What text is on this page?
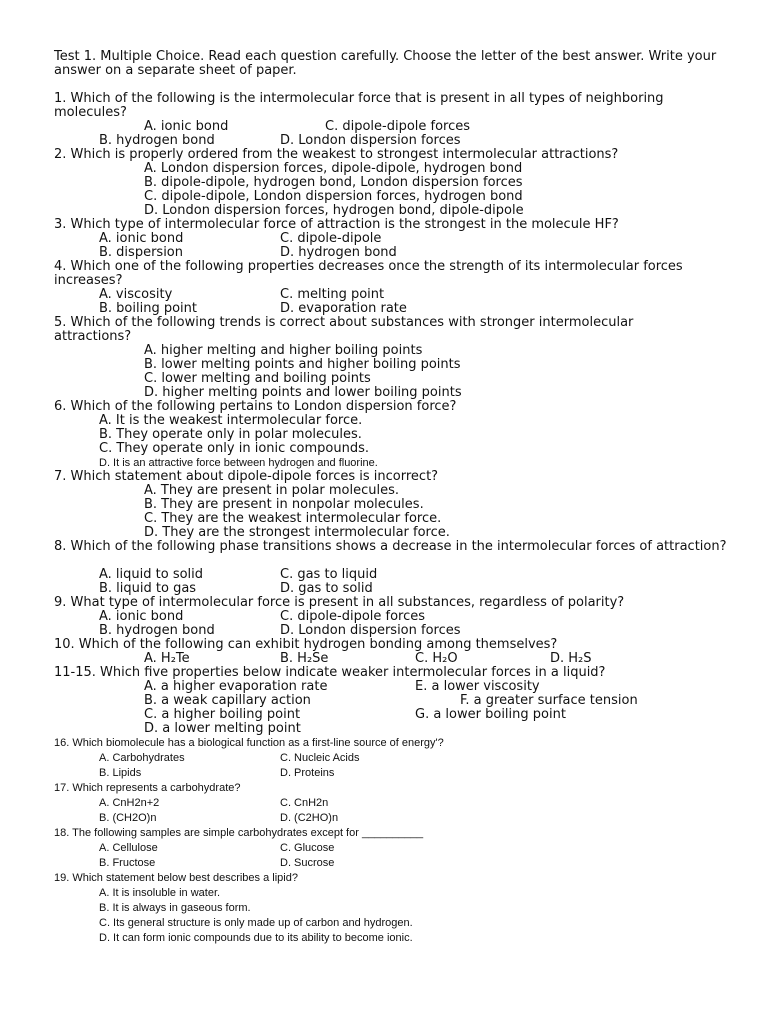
Test 1. Multiple Choice. Read each question carefully. Choose the letter of the best answer. Write your answer on a separate sheet of paper.
1. Which of the following is the intermolecular force that is present in all types of neighboring molecules?
A. ionic bond	C. dipole-dipole forces
B. hydrogen bond	D. London dispersion forces
2. Which is properly ordered from the weakest to strongest intermolecular attractions?
A. London dispersion forces, dipole-dipole, hydrogen bond
B. dipole-dipole, hydrogen bond, London dispersion forces
C. dipole-dipole, London dispersion forces, hydrogen bond
D. London dispersion forces, hydrogen bond, dipole-dipole
3. Which type of intermolecular force of attraction is the strongest in the molecule HF?
A. ionic bond	C. dipole-dipole
B. dispersion	D. hydrogen bond
4. Which one of the following properties decreases once the strength of its intermolecular forces increases?
A. viscosity	C. melting point
B. boiling point	D. evaporation rate
5. Which of the following trends is correct about substances with stronger intermolecular attractions?
A. higher melting and higher boiling points
B. lower melting points and higher boiling points
C. lower melting and boiling points
D. higher melting points and lower boiling points
6. Which of the following pertains to London dispersion force?
A. It is the weakest intermolecular force.
B. They operate only in polar molecules.
C. They operate only in ionic compounds.
D. It is an attractive force between hydrogen and fluorine.
7. Which statement about dipole-dipole forces is incorrect?
A. They are present in polar molecules.
B. They are present in nonpolar molecules.
C. They are the weakest intermolecular force.
D. They are the strongest intermolecular force.
8. Which of the following phase transitions shows a decrease in the intermolecular forces of attraction?
A. liquid to solid	C. gas to liquid
B. liquid to gas	D. gas to solid
9. What type of intermolecular force is present in all substances, regardless of polarity?
A. ionic bond	C. dipole-dipole forces
B. hydrogen bond	D. London dispersion forces
10. Which of the following can exhibit hydrogen bonding among themselves?
A. H₂Te	B. H₂Se	C. H₂O	D. H₂S
11-15. Which five properties below indicate weaker intermolecular forces in a liquid?
A. a higher evaporation rate	E. a lower viscosity
B. a weak capillary action	F. a greater surface tension
C. a higher boiling point	G. a lower boiling point
D. a lower melting point
16. Which biomolecule has a biological function as a first-line source of energy'?
A. Carbohydrates	C. Nucleic Acids
B. Lipids	D. Proteins
17. Which represents a carbohydrate?
A. CnH2n+2	C. CnH2n
B. (CH2O)n	D. (C2HO)n
18. The following samples are simple carbohydrates except for __________
A. Cellulose	C. Glucose
B. Fructose	D. Sucrose
19. Which statement below best describes a lipid?
A. It is insoluble in water.
B. It is always in gaseous form.
C. Its general structure is only made up of carbon and hydrogen.
D. It can form ionic compounds due to its ability to become ionic.
